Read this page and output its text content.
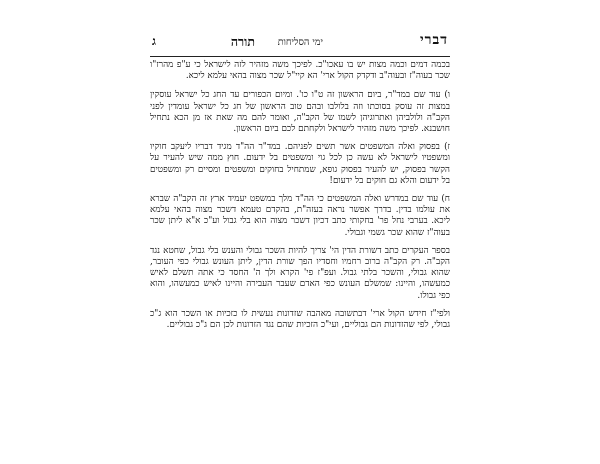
דברי
ימי הסליחות
תורה
ג

בכמה דמים וכמה מצות יש בו עאכו"כ. לפיכך משה מזהיר לזה לישראל כי ע"פ מהרז"ו שכר בעוה"ז ובעוה"ב ודקדק הקול ארי' הא קיי"ל שכר מצוה בהאי עלמא ליכא.

ו) עוד שם במד"ר, ביום הראשון זה ט"ו כו'. ומיום הכפורים עד החג כל ישראל עוסקין במצות זה עוסק בסוכתו וזה בלולבו ובהם טוב הראשון של חג כל ישראל עומדין לפני הקב"ה ולולביהן ואתרוגיהן לשמו של הקב"ה, ואומר להם מה שאת אז מן הכא נתחיל חושבנא. לפיכך משה מזהיר לישראל ולקחתם לכם ביום הראשון.

ז) בפסוק ואלה המשפטים אשר תשים לפניהם. במד"ר הה"ד מגיד דבריו ליעקב חוקיו ומשפטיו לישראל לא עשה כן לכל גוי ומשפטים בל ידעום. חוץ ממה שיש להעיר על הקשר בפסוק, יש להעיר בפסוק גופא, שמתחיל בחוקים ומשפטים ומסיים רק ומשפטים בל ידעום והלא גם חוקים בל ידעום!

ח) עוד שם במדרש ואלה המשפטים כי הה"ד מלך במשפט יעמיד ארץ זה הקב"ה שברא את עולמו בדין. בדרך אפשר נראה בעזה"ת, בהקדם טעמא דשכר מצוה בהאי עלמא ליכא. בערבי נחל פר' בחקותי כתב דכיון דשכר מצוה הוא בלי גבול וע"כ א"א ליתן שכר בעוה"ז שהוא שכר גשמי וגבולי.

בספר העקרים כתב דשורת הדין הי' צריך להיות השכר גבולי והענש בלי גבול, שחטא נגד הקב"ה. רק הקב"ה ברוב רחמיו וחסדיו הפך שורת הדין, ליתן העונש גבולי כפי העובר, שהוא גבולי, והשכר בלתי גבול. ועפ"ז פי' הקרא ולך ה' החסד כי אתה תשלם לאיש כמעשהו, והיינו: שמשלם העונש כפי האדם שעבר העבירה והיינו לאיש כמעשהו, והוא כפי גבולו.

ולפי"ז חידש הקול ארי' דבתשובה מאהבה שזדונות נעשית לו כזכיות או השכר הוא ג"כ גבולי, לפי שהזדונות הם גבוליים, ועי"כ הזכיות שהם נגד הזדונות לכן הם ג"כ גבוליים.
